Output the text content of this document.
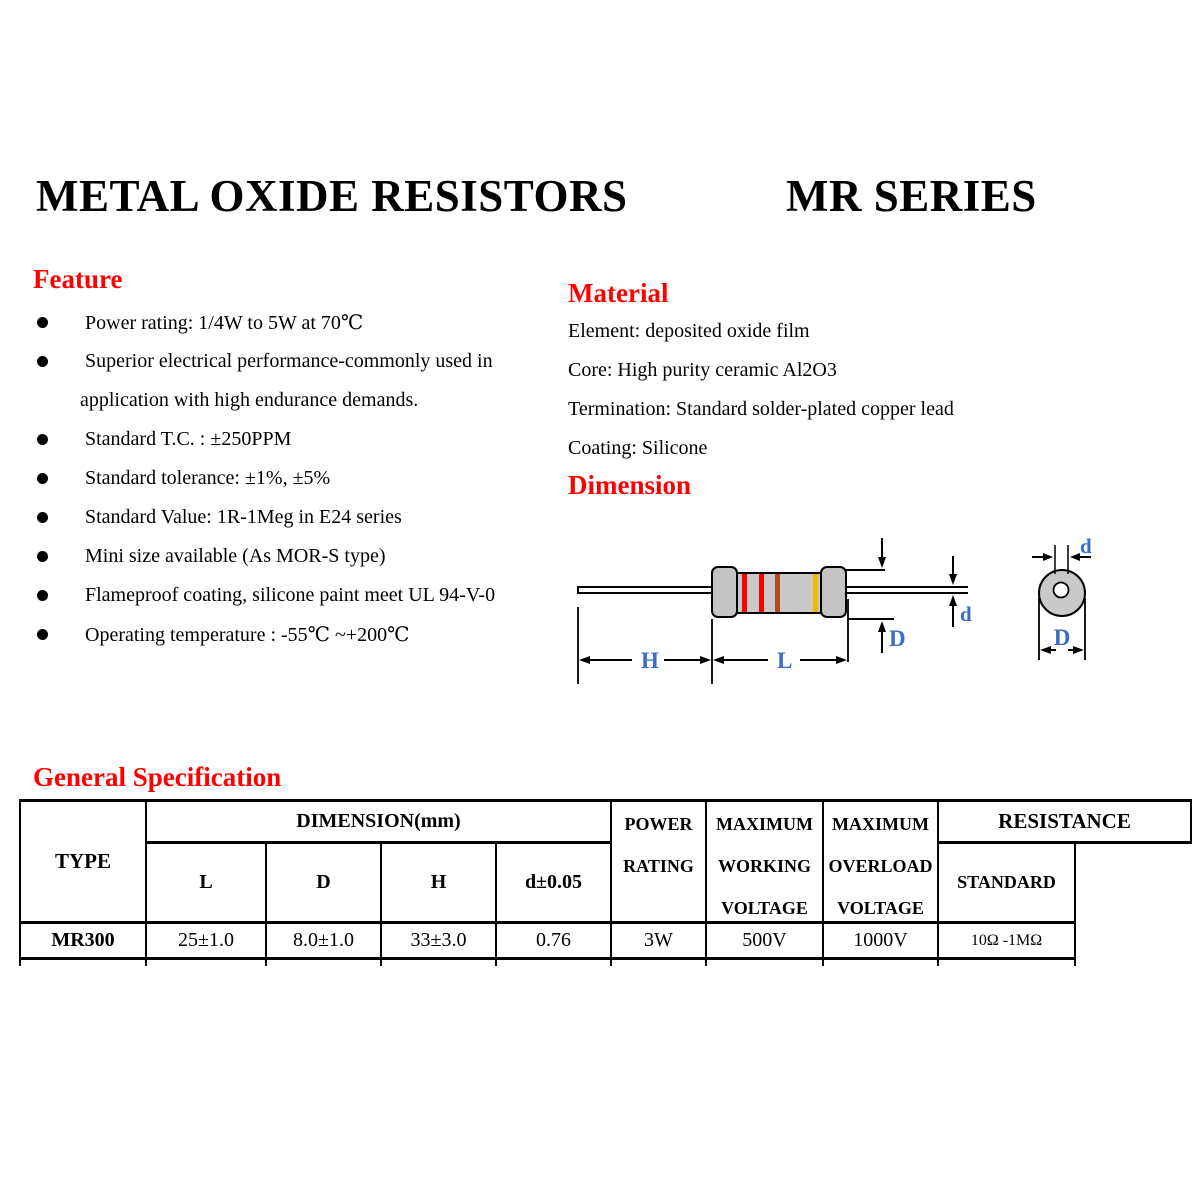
METAL OXIDE RESISTORS	MR SERIES
Feature
Power rating: 1/4W to 5W at 70℃
Superior electrical performance-commonly used in
application with high endurance demands.
Standard T.C. : ±250PPM
Standard tolerance: ±1%, ±5%
Standard Value: 1R-1Meg in E24 series
Mini size available (As MOR-S type)
Flameproof coating, silicone paint meet UL 94-V-0
Operating temperature : -55℃ ~+200℃
Material
Element: deposited oxide film
Core: High purity ceramic Al2O3
Termination: Standard solder-plated copper lead
Coating: Silicone
Dimension
H	L
D
d
d
D
General Specification
TYPE
DIMENSION(mm)
L	D	H	d±0.05
POWER
RATING
MAXIMUM
WORKING
VOLTAGE
MAXIMUM
OVERLOAD
VOLTAGE
RESISTANCE
STANDARD
MR300	25±1.0	8.0±1.0	33±3.0	0.76	3W	500V	1000V	10Ω -1MΩ
